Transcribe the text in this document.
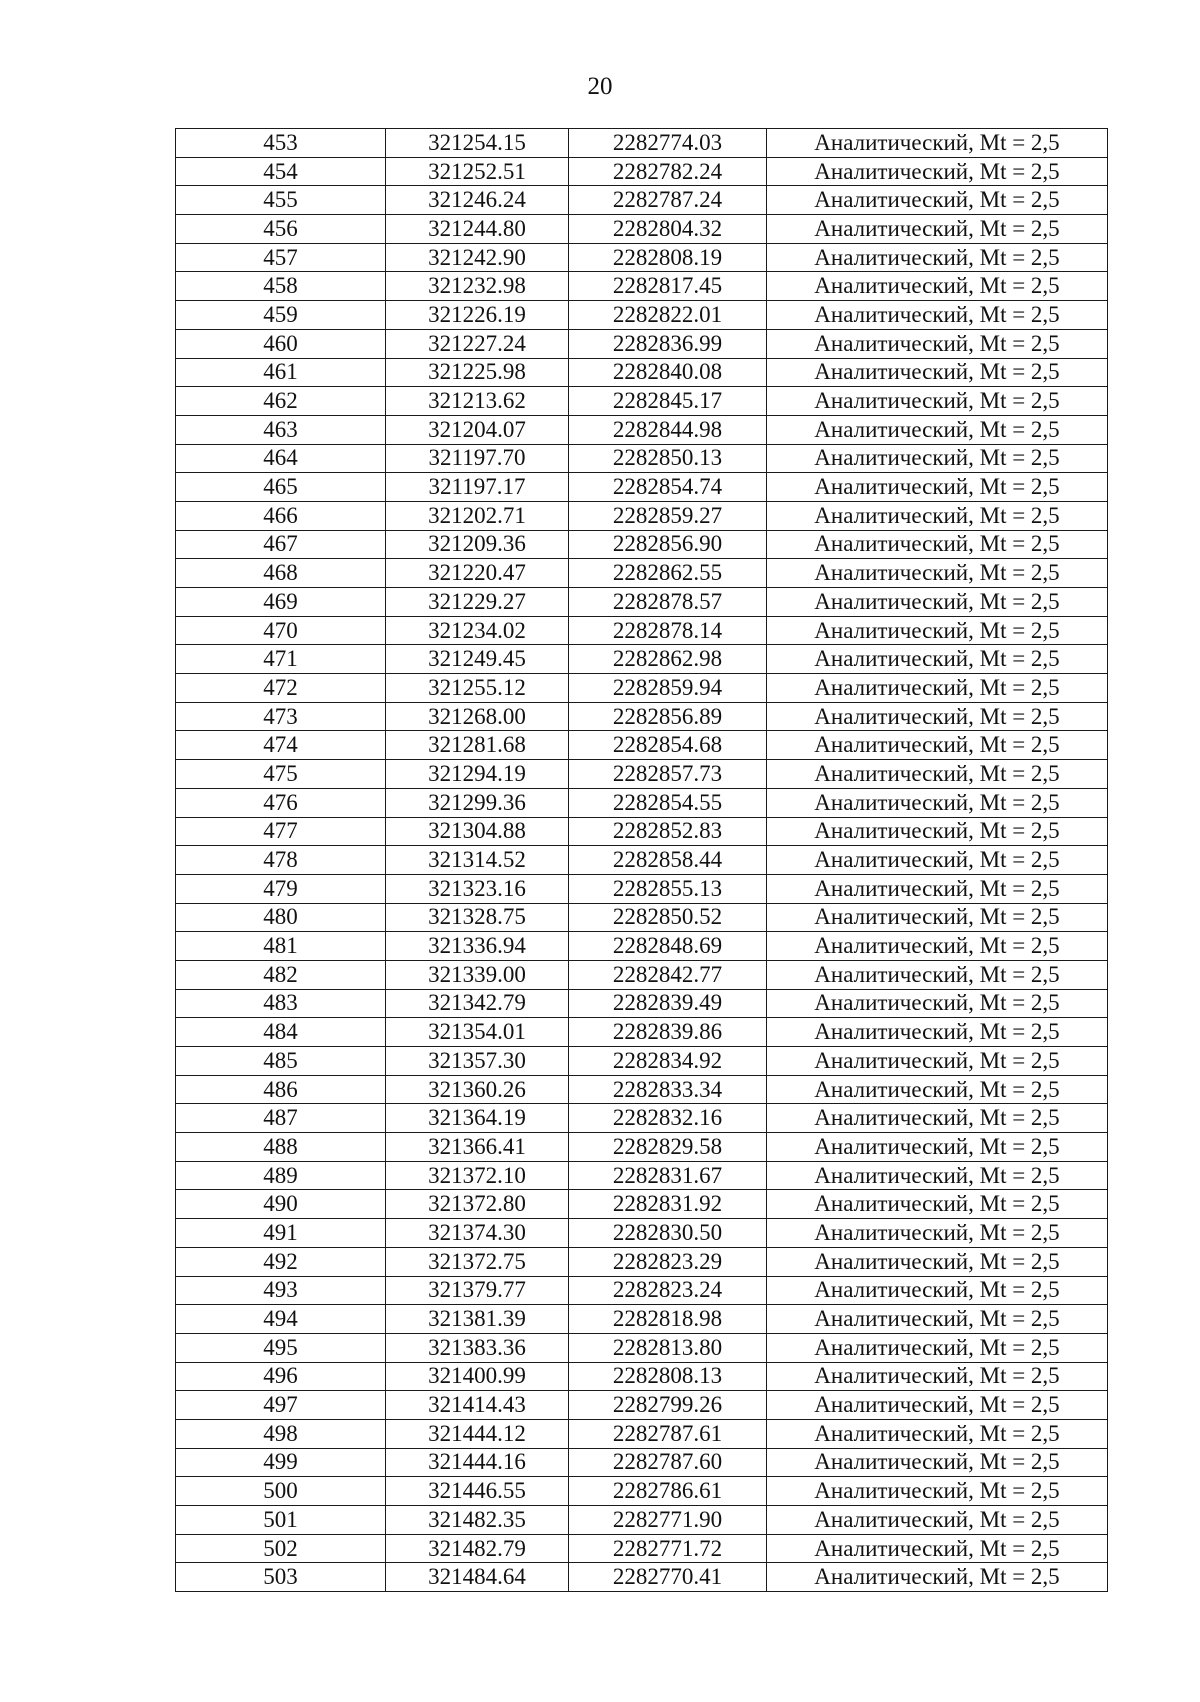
20
453	321254.15	2282774.03	Аналитический, Mt = 2,5
454	321252.51	2282782.24	Аналитический, Mt = 2,5
455	321246.24	2282787.24	Аналитический, Mt = 2,5
456	321244.80	2282804.32	Аналитический, Mt = 2,5
457	321242.90	2282808.19	Аналитический, Mt = 2,5
458	321232.98	2282817.45	Аналитический, Mt = 2,5
459	321226.19	2282822.01	Аналитический, Mt = 2,5
460	321227.24	2282836.99	Аналитический, Mt = 2,5
461	321225.98	2282840.08	Аналитический, Mt = 2,5
462	321213.62	2282845.17	Аналитический, Mt = 2,5
463	321204.07	2282844.98	Аналитический, Mt = 2,5
464	321197.70	2282850.13	Аналитический, Mt = 2,5
465	321197.17	2282854.74	Аналитический, Mt = 2,5
466	321202.71	2282859.27	Аналитический, Mt = 2,5
467	321209.36	2282856.90	Аналитический, Mt = 2,5
468	321220.47	2282862.55	Аналитический, Mt = 2,5
469	321229.27	2282878.57	Аналитический, Mt = 2,5
470	321234.02	2282878.14	Аналитический, Mt = 2,5
471	321249.45	2282862.98	Аналитический, Mt = 2,5
472	321255.12	2282859.94	Аналитический, Mt = 2,5
473	321268.00	2282856.89	Аналитический, Mt = 2,5
474	321281.68	2282854.68	Аналитический, Mt = 2,5
475	321294.19	2282857.73	Аналитический, Mt = 2,5
476	321299.36	2282854.55	Аналитический, Mt = 2,5
477	321304.88	2282852.83	Аналитический, Mt = 2,5
478	321314.52	2282858.44	Аналитический, Mt = 2,5
479	321323.16	2282855.13	Аналитический, Mt = 2,5
480	321328.75	2282850.52	Аналитический, Mt = 2,5
481	321336.94	2282848.69	Аналитический, Mt = 2,5
482	321339.00	2282842.77	Аналитический, Mt = 2,5
483	321342.79	2282839.49	Аналитический, Mt = 2,5
484	321354.01	2282839.86	Аналитический, Mt = 2,5
485	321357.30	2282834.92	Аналитический, Mt = 2,5
486	321360.26	2282833.34	Аналитический, Mt = 2,5
487	321364.19	2282832.16	Аналитический, Mt = 2,5
488	321366.41	2282829.58	Аналитический, Mt = 2,5
489	321372.10	2282831.67	Аналитический, Mt = 2,5
490	321372.80	2282831.92	Аналитический, Mt = 2,5
491	321374.30	2282830.50	Аналитический, Mt = 2,5
492	321372.75	2282823.29	Аналитический, Mt = 2,5
493	321379.77	2282823.24	Аналитический, Mt = 2,5
494	321381.39	2282818.98	Аналитический, Mt = 2,5
495	321383.36	2282813.80	Аналитический, Mt = 2,5
496	321400.99	2282808.13	Аналитический, Mt = 2,5
497	321414.43	2282799.26	Аналитический, Mt = 2,5
498	321444.12	2282787.61	Аналитический, Mt = 2,5
499	321444.16	2282787.60	Аналитический, Mt = 2,5
500	321446.55	2282786.61	Аналитический, Mt = 2,5
501	321482.35	2282771.90	Аналитический, Mt = 2,5
502	321482.79	2282771.72	Аналитический, Mt = 2,5
503	321484.64	2282770.41	Аналитический, Mt = 2,5
